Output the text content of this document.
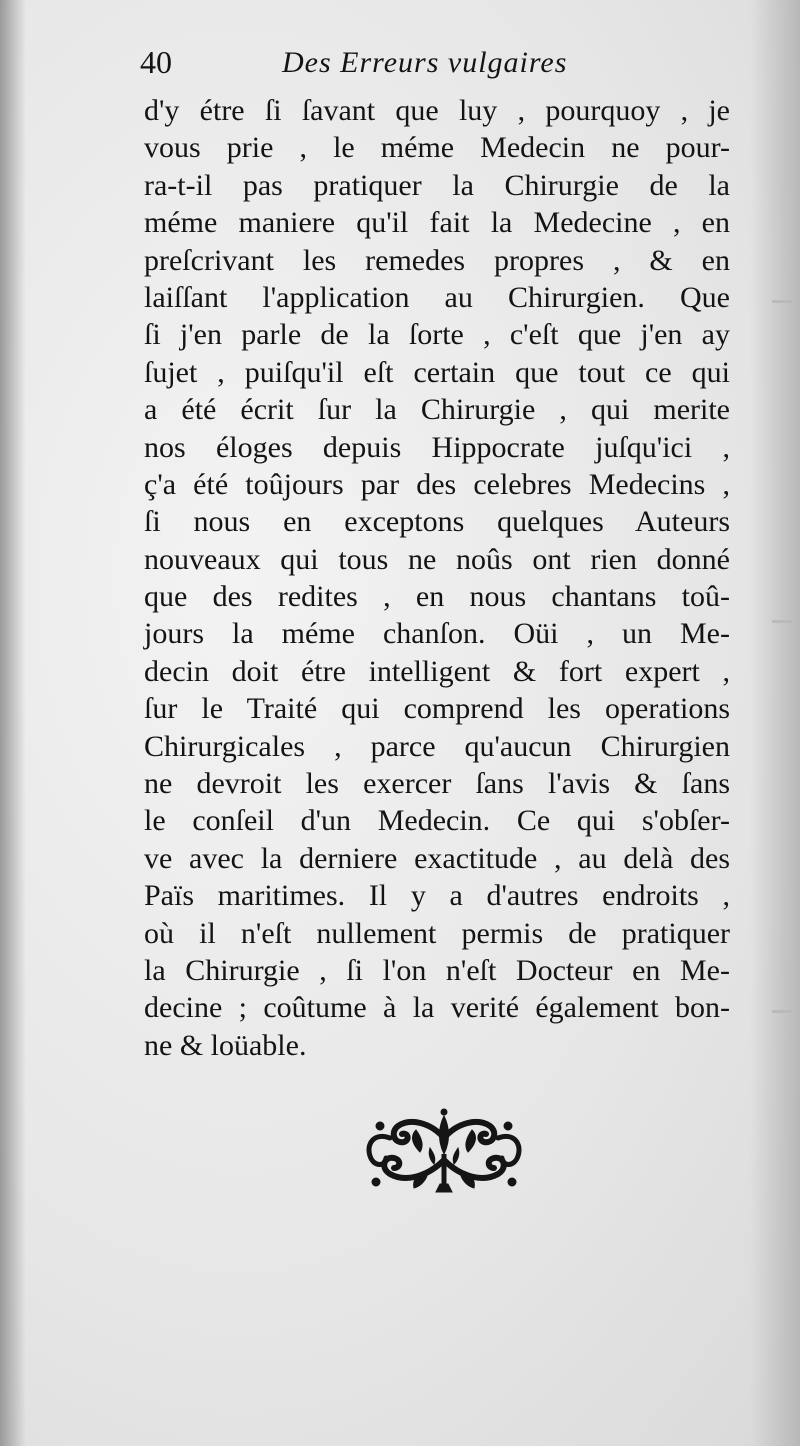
40	Des Erreurs vulgaires
d'y étre ſi ſavant que luy , pourquoy , je
vous prie , le méme Medecin ne pour-
ra-t-il pas pratiquer la Chirurgie de la
méme maniere qu'il fait la Medecine , en
preſcrivant les remedes propres , & en
laiſſant l'application au Chirurgien. Que
ſi j'en parle de la ſorte , c'eſt que j'en ay
ſujet , puiſqu'il eſt certain que tout ce qui
a été écrit ſur la Chirurgie , qui merite
nos éloges depuis Hippocrate juſqu'ici ,
ç'a été toûjours par des celebres Medecins ,
ſi nous en exceptons quelques Auteurs
nouveaux qui tous ne noûs ont rien donné
que des redites , en nous chantans toû-
jours la méme chanſon. Oüi , un Me-
decin doit étre intelligent & fort expert ,
ſur le Traité qui comprend les operations
Chirurgicales , parce qu'aucun Chirurgien
ne devroit les exercer ſans l'avis & ſans
le conſeil d'un Medecin. Ce qui s'obſer-
ve avec la derniere exactitude , au delà des
Païs maritimes. Il y a d'autres endroits ,
où il n'eſt nullement permis de pratiquer
la Chirurgie , ſi l'on n'eſt Docteur en Me-
decine ; coûtume à la verité également bon-
ne & loüable.
